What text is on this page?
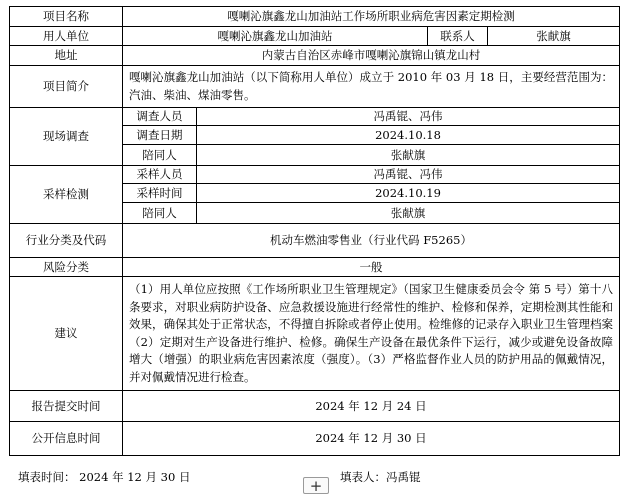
项目名称	嘎喇沁旗鑫龙山加油站工作场所职业病危害因素定期检测			
用人单位	嘎喇沁旗鑫龙山加油站		联系人	张献旗
地址	内蒙古自治区赤峰市嘎喇沁旗锦山镇龙山村			
项目简介	嘎喇沁旗鑫龙山加油站（以下简称用人单位）成立于 2010 年 03 月 18 日，主要经营范围为：汽油、柴油、煤油零售。			
现场调查	调查人员	冯禹锟、冯伟		
	调查日期	2024.10.18		
	陪同人	张献旗		
采样检测	采样人员	冯禹锟、冯伟		
	采样时间	2024.10.19		
	陪同人	张献旗		
行业分类及代码	机动车燃油零售业（行业代码 F5265）			
风险分类	一般			
建议	（1）用人单位应按照《工作场所职业卫生管理规定》（国家卫生健康委员会令 第 5 号）第十八条要求，对职业病防护设备、应急救援设施进行经常性的维护、检修和保养，定期检测其性能和效果，确保其处于正常状态，不得擅自拆除或者停止使用。检维修的记录存入职业卫生管理档案（2）定期对生产设备进行维护、检修。确保生产设备在最优条件下运行，减少或避免设备故障增大（增强）的职业病危害因素浓度（强度）。（3）严格监督作业人员的防护用品的佩戴情况，并对佩戴情况进行检查。			
报告提交时间	2024 年 12 月 24 日			
公开信息时间	2024 年 12 月 30 日			
填表时间： 2024 年 12 月 30 日	填表人：冯禹锟
+
